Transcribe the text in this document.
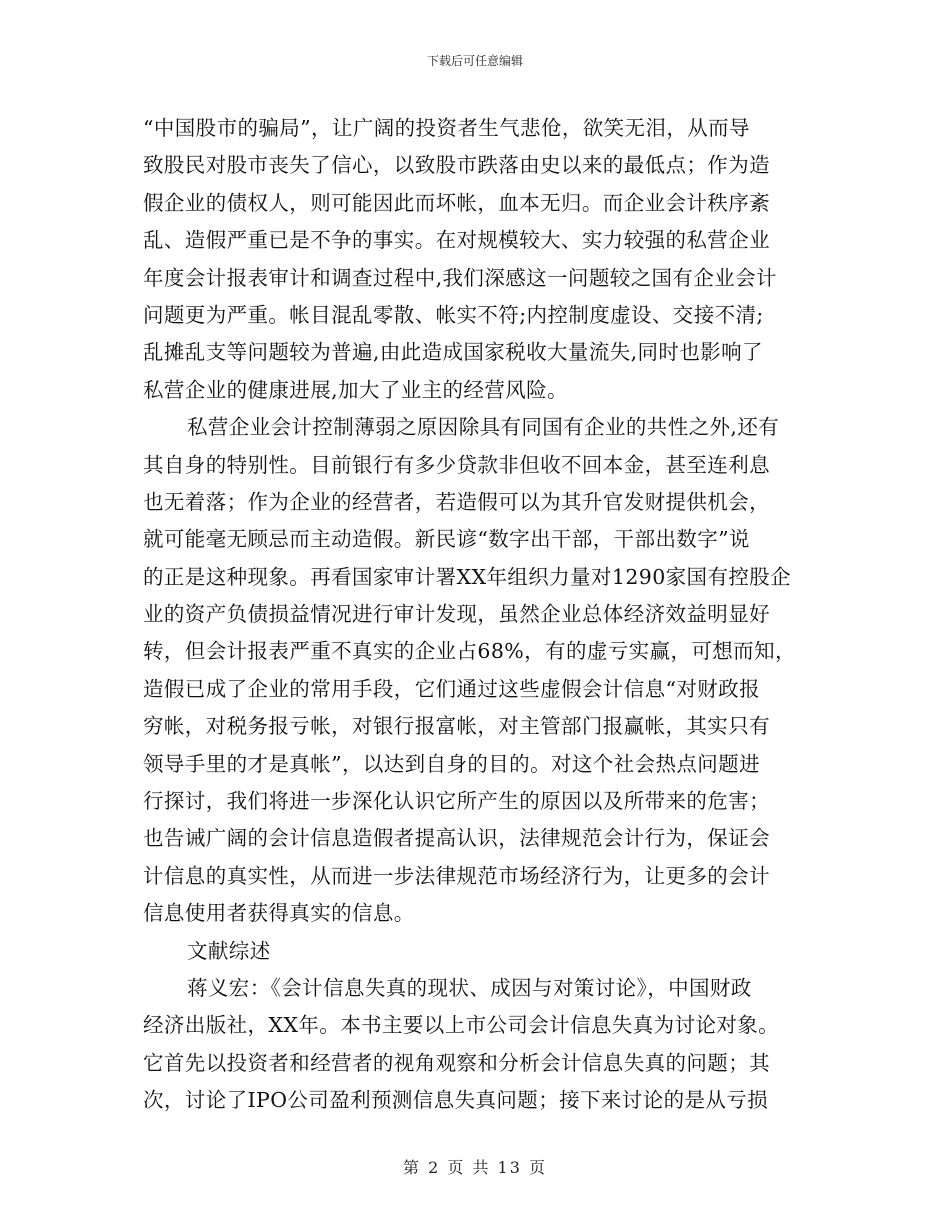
下载后可任意编辑
“中国股市的骗局”，让广阔的投资者生气悲伧，欲笑无泪，从而导
致股民对股市丧失了信心，以致股市跌落由史以来的最低点；作为造
假企业的债权人，则可能因此而坏帐，血本无归。而企业会计秩序紊
乱、造假严重已是不争的事实。在对规模较大、实力较强的私营企业
年度会计报表审计和调查过程中,我们深感这一问题较之国有企业会计
问题更为严重。帐目混乱零散、帐实不符;内控制度虚设、交接不清;
乱摊乱支等问题较为普遍,由此造成国家税收大量流失,同时也影响了
私营企业的健康进展,加大了业主的经营风险。
私营企业会计控制薄弱之原因除具有同国有企业的共性之外,还有
其自身的特别性。目前银行有多少贷款非但收不回本金，甚至连利息
也无着落；作为企业的经营者，若造假可以为其升官发财提供机会，
就可能毫无顾忌而主动造假。新民谚“数字出干部，干部出数字”说
的正是这种现象。再看国家审计署XX年组织力量对1290家国有控股企
业的资产负债损益情况进行审计发现，虽然企业总体经济效益明显好
转，但会计报表严重不真实的企业占68%，有的虚亏实赢，可想而知，
造假已成了企业的常用手段，它们通过这些虚假会计信息“对财政报
穷帐，对税务报亏帐，对银行报富帐，对主管部门报赢帐，其实只有
领导手里的才是真帐”，以达到自身的目的。对这个社会热点问题进
行探讨，我们将进一步深化认识它所产生的原因以及所带来的危害；
也告诫广阔的会计信息造假者提高认识，法律规范会计行为，保证会
计信息的真实性，从而进一步法律规范市场经济行为，让更多的会计
信息使用者获得真实的信息。
文献综述
蒋义宏：《会计信息失真的现状、成因与对策讨论》，中国财政
经济出版社，XX年。本书主要以上市公司会计信息失真为讨论对象。
它首先以投资者和经营者的视角观察和分析会计信息失真的问题；其
次，讨论了IPO公司盈利预测信息失真问题；接下来讨论的是从亏损
第 2 页 共 13 页
